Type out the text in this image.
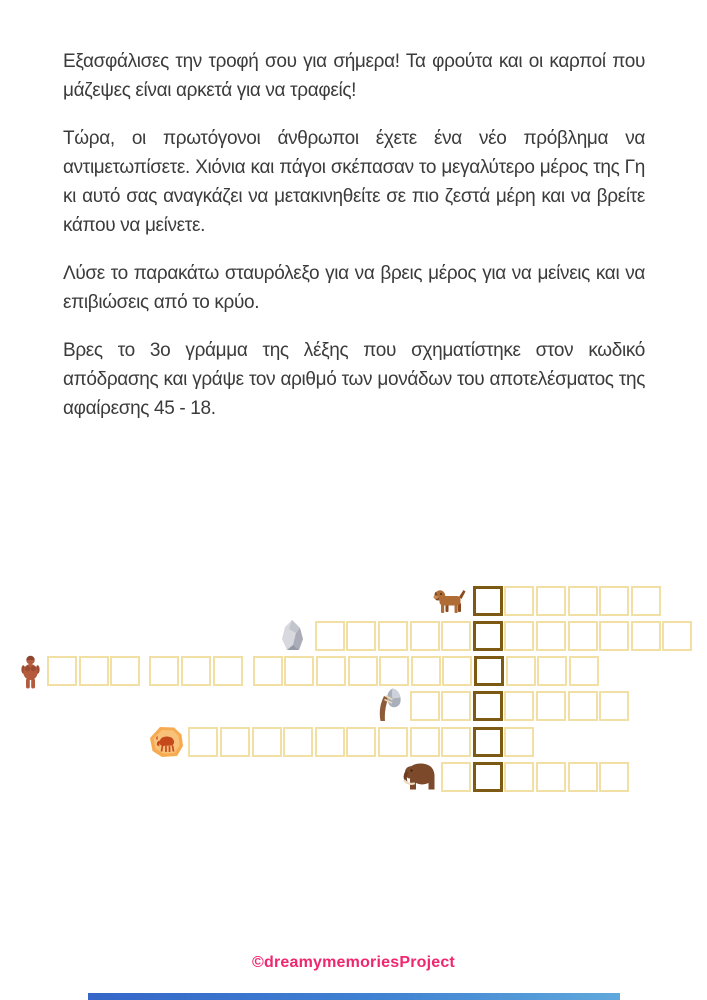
Εξασφάλισες την τροφή σου για σήμερα! Τα φρούτα και οι καρποί που μάζεψες είναι αρκετά για να τραφείς!

Τώρα, οι πρωτόγονοι άνθρωποι έχετε ένα νέο πρόβλημα να αντιμετωπίσετε. Χιόνια και πάγοι σκέπασαν το μεγαλύτερο μέρος της Γη κι αυτό σας αναγκάζει να μετακινηθείτε σε πιο ζεστά μέρη και να βρείτε κάπου να μείνετε.

Λύσε το παρακάτω σταυρόλεξο για να βρεις μέρος για να μείνεις και να επιβιώσεις από το κρύο.

Βρες το 3ο γράμμα της λέξης που σχηματίστηκε στον κωδικό απόδρασης και γράψε τον αριθμό των μονάδων του αποτελέσματος της αφαίρεσης 45 - 18.

©dreamymemoriesProject
